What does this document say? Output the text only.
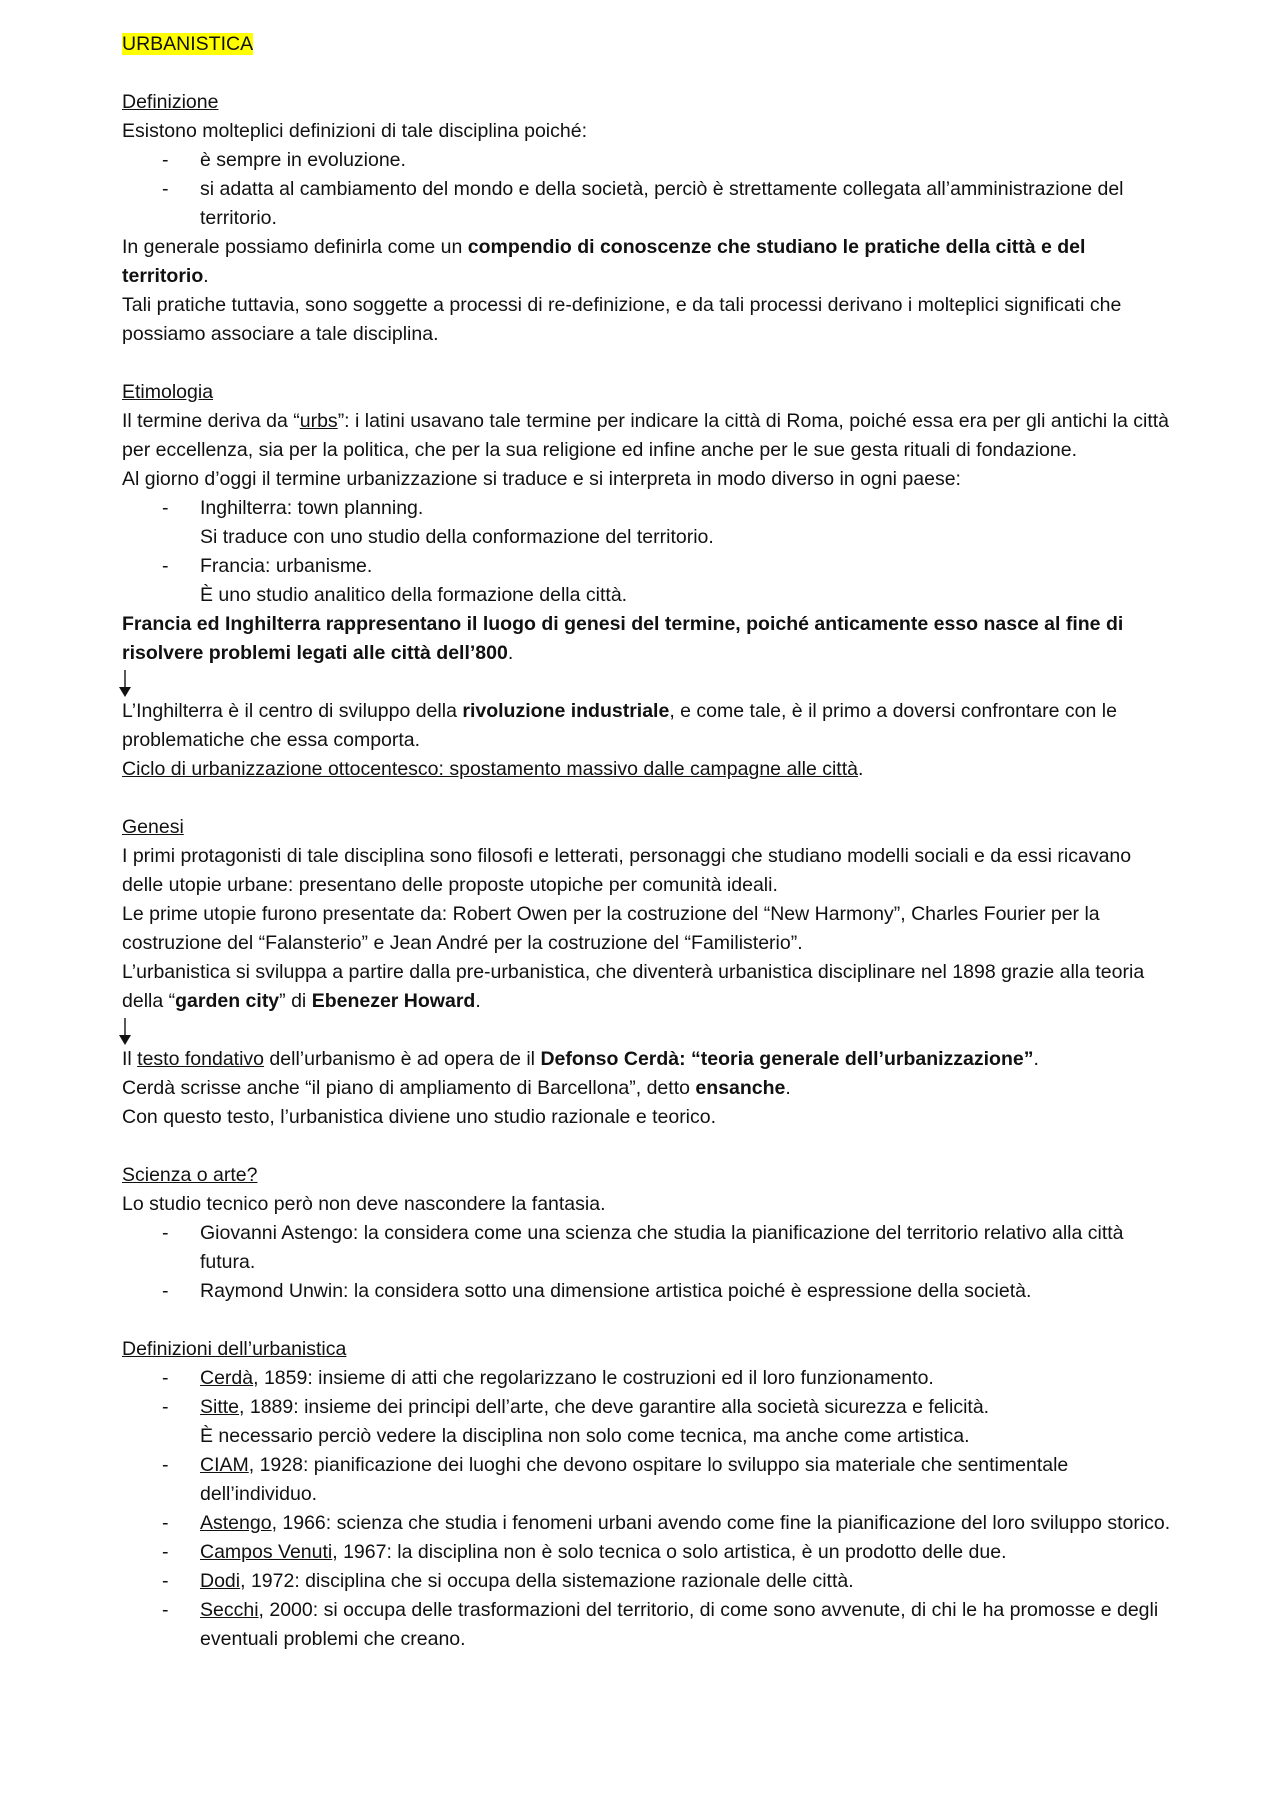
URBANISTICA

Definizione

Esistono molteplici definizioni di tale disciplina poiché:

- è sempre in evoluzione.
- si adatta al cambiamento del mondo e della società, perciò è strettamente collegata all’amministrazione del territorio.

In generale possiamo definirla come un compendio di conoscenze che studiano le pratiche della città e del territorio.

Tali pratiche tuttavia, sono soggette a processi di re-definizione, e da tali processi derivano i molteplici significati che possiamo associare a tale disciplina.

Etimologia

Il termine deriva da “urbs”: i latini usavano tale termine per indicare la città di Roma, poiché essa era per gli antichi la città per eccellenza, sia per la politica, che per la sua religione ed infine anche per le sue gesta rituali di fondazione.

Al giorno d’oggi il termine urbanizzazione si traduce e si interpreta in modo diverso in ogni paese:

- Inghilterra: town planning.
Si traduce con uno studio della conformazione del territorio.
- Francia: urbanisme.
È uno studio analitico della formazione della città.

Francia ed Inghilterra rappresentano il luogo di genesi del termine, poiché anticamente esso nasce al fine di risolvere problemi legati alle città dell’800.

L’Inghilterra è il centro di sviluppo della rivoluzione industriale, e come tale, è il primo a doversi confrontare con le problematiche che essa comporta.

Ciclo di urbanizzazione ottocentesco: spostamento massivo dalle campagne alle città.

Genesi

I primi protagonisti di tale disciplina sono filosofi e letterati, personaggi che studiano modelli sociali e da essi ricavano delle utopie urbane: presentano delle proposte utopiche per comunità ideali.

Le prime utopie furono presentate da: Robert Owen per la costruzione del “New Harmony”, Charles Fourier per la costruzione del “Falansterio” e Jean André per la costruzione del “Familisterio”.

L’urbanistica si sviluppa a partire dalla pre-urbanistica, che diventerà urbanistica disciplinare nel 1898 grazie alla teoria della “garden city” di Ebenezer Howard.

Il testo fondativo dell’urbanismo è ad opera de il Defonso Cerdà: “teoria generale dell’urbanizzazione”.

Cerdà scrisse anche “il piano di ampliamento di Barcellona”, detto ensanche.

Con questo testo, l’urbanistica diviene uno studio razionale e teorico.

Scienza o arte?

Lo studio tecnico però non deve nascondere la fantasia.

- Giovanni Astengo: la considera come una scienza che studia la pianificazione del territorio relativo alla città futura.
- Raymond Unwin: la considera sotto una dimensione artistica poiché è espressione della società.

Definizioni dell’urbanistica

- Cerdà, 1859: insieme di atti che regolarizzano le costruzioni ed il loro funzionamento.
- Sitte, 1889: insieme dei principi dell’arte, che deve garantire alla società sicurezza e felicità.
È necessario perciò vedere la disciplina non solo come tecnica, ma anche come artistica.
- CIAM, 1928: pianificazione dei luoghi che devono ospitare lo sviluppo sia materiale che sentimentale dell’individuo.
- Astengo, 1966: scienza che studia i fenomeni urbani avendo come fine la pianificazione del loro sviluppo storico.
- Campos Venuti, 1967: la disciplina non è solo tecnica o solo artistica, è un prodotto delle due.
- Dodi, 1972: disciplina che si occupa della sistemazione razionale delle città.
- Secchi, 2000: si occupa delle trasformazioni del territorio, di come sono avvenute, di chi le ha promosse e degli eventuali problemi che creano.
